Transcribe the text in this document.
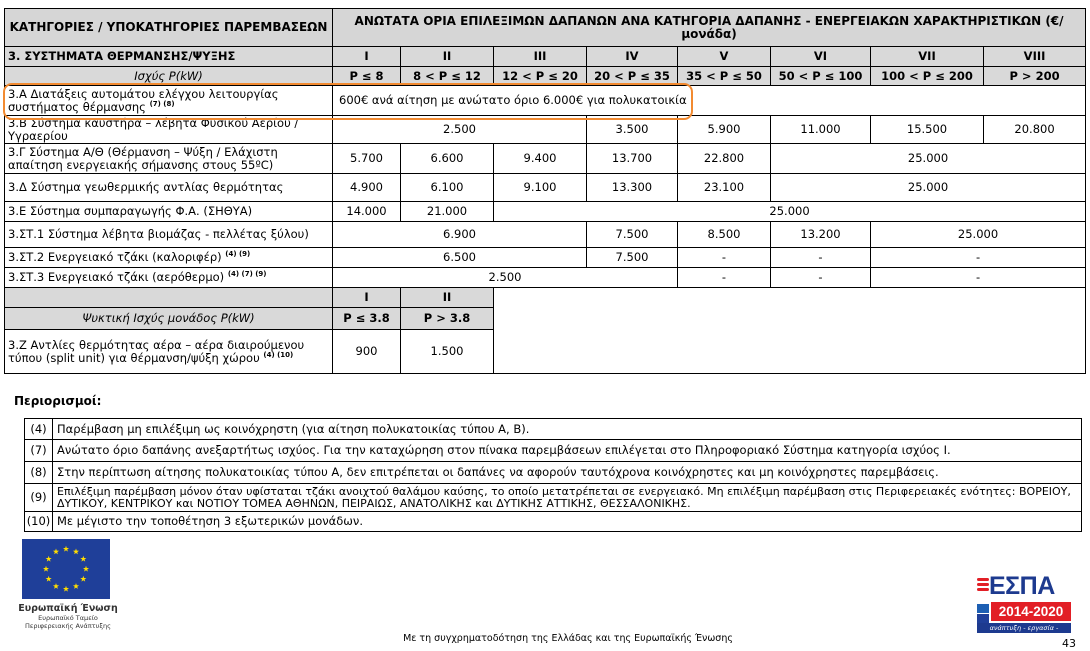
ΚΑΤΗΓΟΡΙΕΣ / ΥΠΟΚΑΤΗΓΟΡΙΕΣ ΠΑΡΕΜΒΑΣΕΩΝ	ΑΝΩΤΑΤΑ ΟΡΙΑ ΕΠΙΛΕΞΙΜΩΝ ΔΑΠΑΝΩΝ ΑΝΑ ΚΑΤΗΓΟΡΙΑ ΔΑΠΑΝΗΣ - ΕΝΕΡΓΕΙΑΚΩΝ ΧΑΡΑΚΤΗΡΙΣΤΙΚΩΝ (€/μονάδα)							
3. ΣΥΣΤΗΜΑΤΑ ΘΕΡΜΑΝΣΗΣ/ΨΥΞΗΣ	I	II	III	IV	V	VI	VII	VIII
Ισχύς P(kW)	P ≤ 8	8 < P ≤ 12	12 < P ≤ 20	20 < P ≤ 35	35 < P ≤ 50	50 < P ≤ 100	100 < P ≤ 200	P > 200
3.Α Διατάξεις αυτομάτου ελέγχου λειτουργίας συστήματος θέρμανσης $^{(7) (8)}$	600€ ανά αίτηση με ανώτατο όριο 6.000€ για πολυκατοικία							
3.Β Σύστημα καυστήρα – λέβητα Φυσικού Αερίου / Υγραερίου	2.500			3.500	5.900	11.000	15.500	20.800
3.Γ Σύστημα Α/Θ (Θέρμανση – Ψύξη / Ελάχιστη απαίτηση ενεργειακής σήμανσης στους 55ºC)	5.700	6.600	9.400	13.700	22.800	25.000		
3.Δ Σύστημα γεωθερμικής αντλίας θερμότητας	4.900	6.100	9.100	13.300	23.100	25.000		
3.Ε Σύστημα συμπαραγωγής Φ.Α. (ΣΗΘΥΑ)	14.000	21.000	25.000					
3.ΣΤ.1 Σύστημα λέβητα βιομάζας - πελλέτας ξύλου)	6.900			7.500	8.500	13.200	25.000	
3.ΣΤ.2 Ενεργειακό τζάκι (καλοριφέρ) $^{(4) (9)}$	6.500			7.500	-	-	-	
3.ΣΤ.3 Ενεργειακό τζάκι (αερόθερμο) $^{(4) (7) (9)}$	2.500				-	-	-	
	I	II						
Ψυκτική Ισχύς μονάδος P(kW)	P ≤ 3.8	P > 3.8						
3.Ζ Αντλίες θερμότητας αέρα – αέρα διαιρούμενου τύπου (split unit) για θέρμανση/ψύξη χώρου $^{(4) (10)}$	900	1.500						
Περιορισμοί:
(4)	Παρέμβαση μη επιλέξιμη ως κοινόχρηστη (για αίτηση πολυκατοικίας τύπου Α, Β).
(7)	Ανώτατο όριο δαπάνης ανεξαρτήτως ισχύος. Για την καταχώρηση στον πίνακα παρεμβάσεων επιλέγεται στο Πληροφοριακό Σύστημα κατηγορία ισχύος Ι.
(8)	Στην περίπτωση αίτησης πολυκατοικίας τύπου Α, δεν επιτρέπεται οι δαπάνες να αφορούν ταυτόχρονα κοινόχρηστες και μη κοινόχρηστες παρεμβάσεις.
(9)	Επιλέξιμη παρέμβαση μόνον όταν υφίσταται τζάκι ανοιχτού θαλάμου καύσης, το οποίο μετατρέπεται σε ενεργειακό. Μη επιλέξιμη παρέμβαση στις Περιφερειακές ενότητες: ΒΟΡΕΙΟΥ, ΔΥΤΙΚΟΥ, ΚΕΝΤΡΙΚΟΥ και ΝΟΤΙΟΥ ΤΟΜΕΑ ΑΘΗΝΩΝ, ΠΕΙΡΑΙΩΣ, ΑΝΑΤΟΛΙΚΗΣ και ΔΥΤΙΚΗΣ ΑΤΤΙΚΗΣ, ΘΕΣΣΑΛΟΝΙΚΗΣ.
(10)	Με μέγιστο την τοποθέτηση 3 εξωτερικών μονάδων.
Ευρωπαϊκή Ένωση
Ευρωπαϊκό Ταμείο
Περιφερειακής Ανάπτυξης
Με τη συγχρηματοδότηση της Ελλάδας και της Ευρωπαϊκής Ένωσης
ΕΣΠΑ
2014-2020
ανάπτυξη - εργασία - αλληλεγγύη	43
